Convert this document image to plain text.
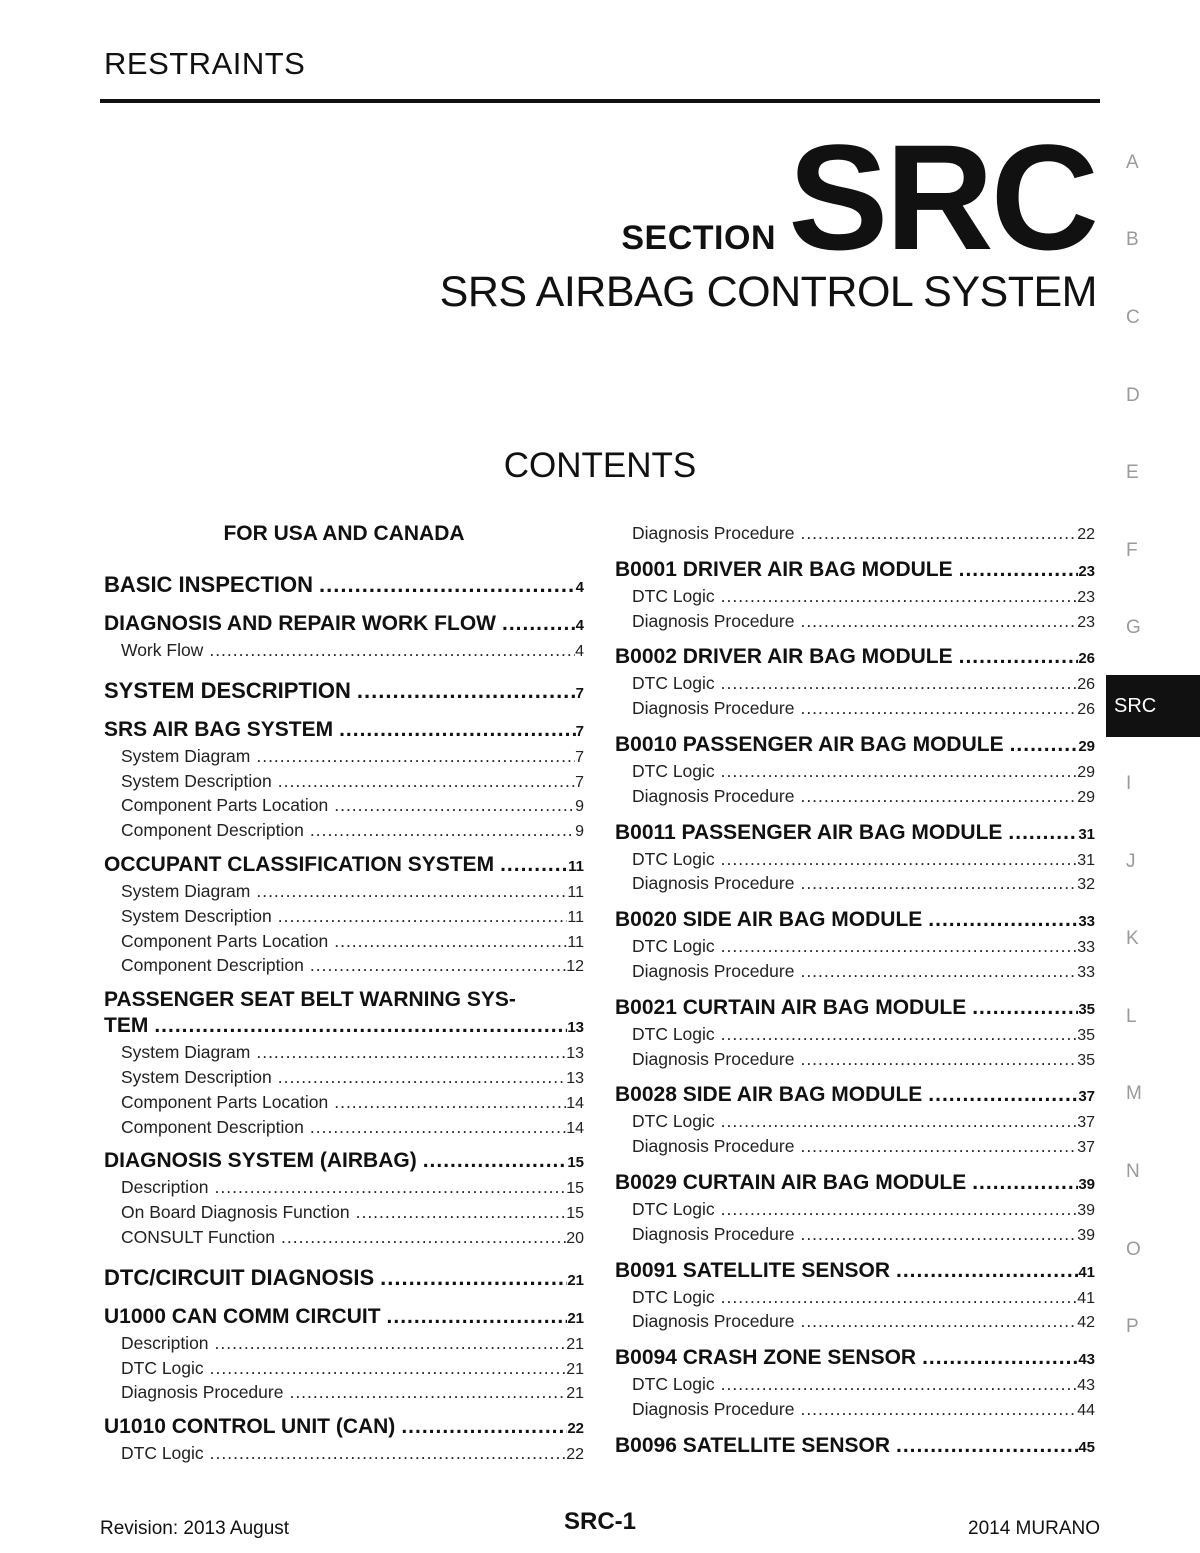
RESTRAINTS
SECTION SRC
SRS AIRBAG CONTROL SYSTEM
CONTENTS
A
B
C
D
E
F
G
SRC
I
J
K
L
M
N
O
P
FOR USA AND CANADA
BASIC INSPECTION .....	4
DIAGNOSIS AND REPAIR WORK FLOW .....	4
Work Flow .....	4
SYSTEM DESCRIPTION .....	7
SRS AIR BAG SYSTEM .....	7
System Diagram .....	7
System Description .....	7
Component Parts Location .....	9
Component Description .....	9
OCCUPANT CLASSIFICATION SYSTEM .....	11
System Diagram .....	11
System Description .....	11
Component Parts Location .....	11
Component Description .....	12
PASSENGER SEAT BELT WARNING SYS-
TEM .....	13
System Diagram .....	13
System Description .....	13
Component Parts Location .....	14
Component Description .....	14
DIAGNOSIS SYSTEM (AIRBAG) .....	15
Description .....	15
On Board Diagnosis Function .....	15
CONSULT Function .....	20
DTC/CIRCUIT DIAGNOSIS .....	21
U1000 CAN COMM CIRCUIT .....	21
Description .....	21
DTC Logic .....	21
Diagnosis Procedure .....	21
U1010 CONTROL UNIT (CAN) .....	22
DTC Logic .....	22
Diagnosis Procedure .....	22
B0001 DRIVER AIR BAG MODULE .....	23
DTC Logic .....	23
Diagnosis Procedure .....	23
B0002 DRIVER AIR BAG MODULE .....	26
DTC Logic .....	26
Diagnosis Procedure .....	26
B0010 PASSENGER AIR BAG MODULE .....	29
DTC Logic .....	29
Diagnosis Procedure .....	29
B0011 PASSENGER AIR BAG MODULE .....	31
DTC Logic .....	31
Diagnosis Procedure .....	32
B0020 SIDE AIR BAG MODULE .....	33
DTC Logic .....	33
Diagnosis Procedure .....	33
B0021 CURTAIN AIR BAG MODULE .....	35
DTC Logic .....	35
Diagnosis Procedure .....	35
B0028 SIDE AIR BAG MODULE .....	37
DTC Logic .....	37
Diagnosis Procedure .....	37
B0029 CURTAIN AIR BAG MODULE .....	39
DTC Logic .....	39
Diagnosis Procedure .....	39
B0091 SATELLITE SENSOR .....	41
DTC Logic .....	41
Diagnosis Procedure .....	42
B0094 CRASH ZONE SENSOR .....	43
DTC Logic .....	43
Diagnosis Procedure .....	44
B0096 SATELLITE SENSOR .....	45
Revision: 2013 August	SRC-1	2014 MURANO
